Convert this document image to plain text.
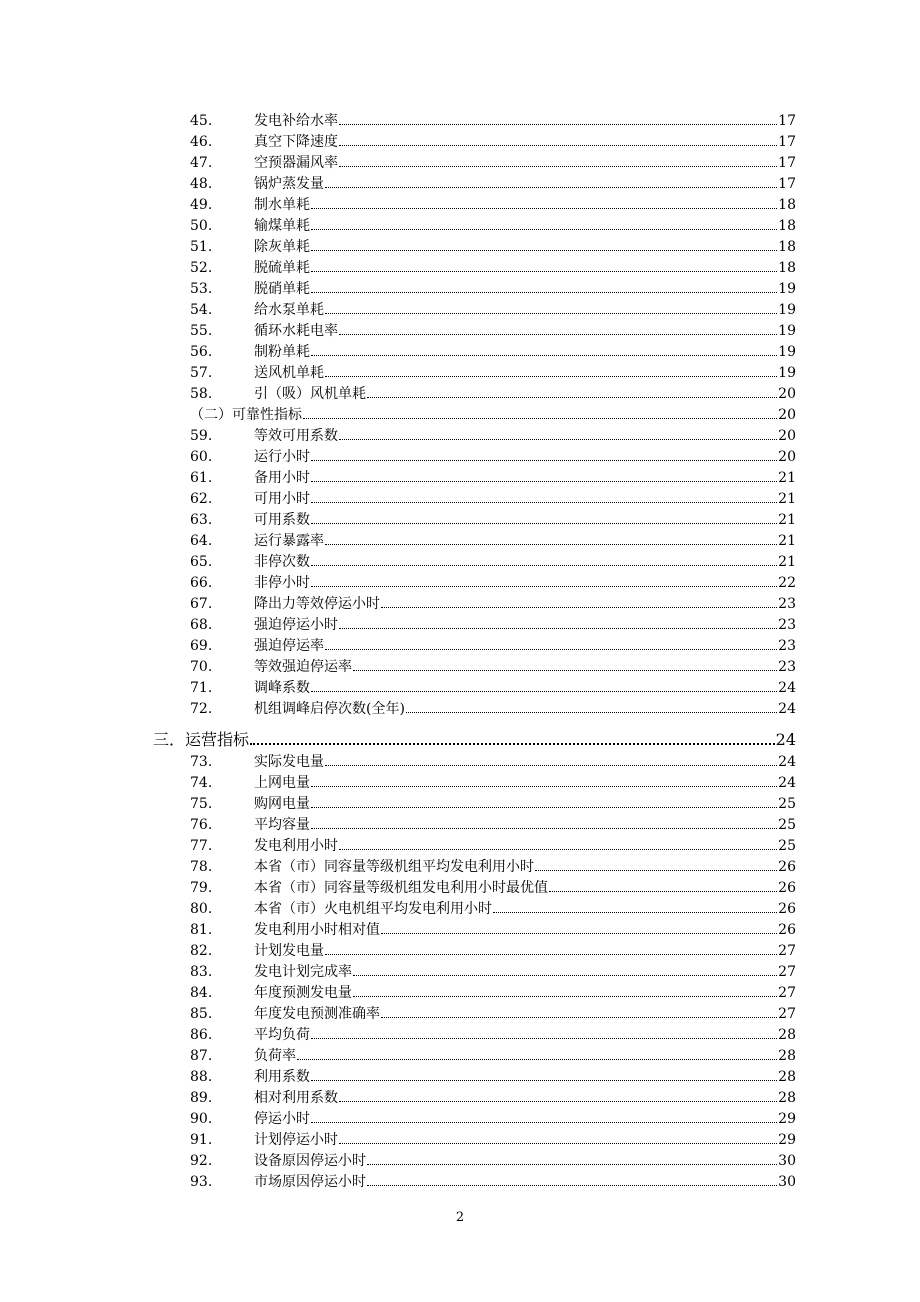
45.	发电补给水率	17
46.	真空下降速度	17
47.	空预器漏风率	17
48.	锅炉蒸发量	17
49.	制水单耗	18
50.	输煤单耗	18
51.	除灰单耗	18
52.	脱硫单耗	18
53.	脱硝单耗	19
54.	给水泵单耗	19
55.	循环水耗电率	19
56.	制粉单耗	19
57.	送风机单耗	19
58.	引（吸）风机单耗	20
（二）可靠性指标	20
59.	等效可用系数	20
60.	运行小时	20
61.	备用小时	21
62.	可用小时	21
63.	可用系数	21
64.	运行暴露率	21
65.	非停次数	21
66.	非停小时	22
67.	降出力等效停运小时	23
68.	强迫停运小时	23
69.	强迫停运率	23
70.	等效强迫停运率	23
71.	调峰系数	24
72.	机组调峰启停次数(全年)	24
三．运营指标	24
73.	实际发电量	24
74.	上网电量	24
75.	购网电量	25
76.	平均容量	25
77.	发电利用小时	25
78.	本省（市）同容量等级机组平均发电利用小时	26
79.	本省（市）同容量等级机组发电利用小时最优值	26
80.	本省（市）火电机组平均发电利用小时	26
81.	发电利用小时相对值	26
82.	计划发电量	27
83.	发电计划完成率	27
84.	年度预测发电量	27
85.	年度发电预测准确率	27
86.	平均负荷	28
87.	负荷率	28
88.	利用系数	28
89.	相对利用系数	28
90.	停运小时	29
91.	计划停运小时	29
92.	设备原因停运小时	30
93.	市场原因停运小时	30
2
